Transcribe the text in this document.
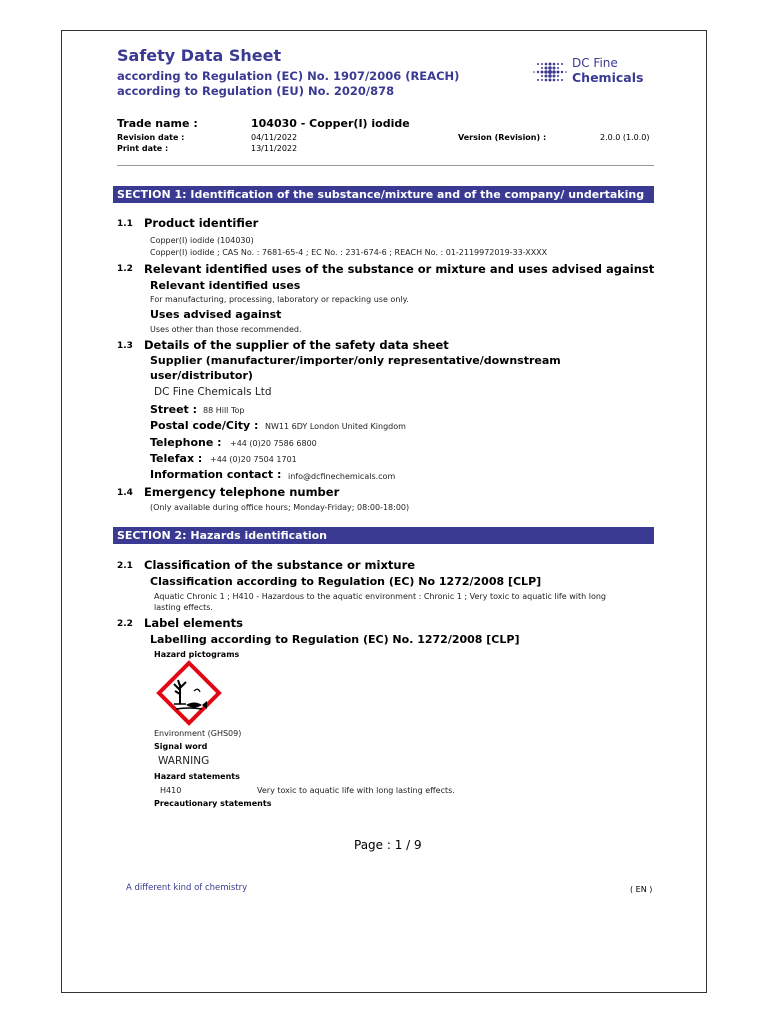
Safety Data Sheet
according to Regulation (EC) No. 1907/2006 (REACH)
according to Regulation (EU) No. 2020/878
DC Fine
Chemicals
Trade name :	104030 - Copper(I) iodide
Revision date :	04/11/2022
Print date :	13/11/2022
Version (Revision) :	2.0.0 (1.0.0)
SECTION 1: Identification of the substance/mixture and of the company/ undertaking
1.1 Product identifier
Copper(I) iodide (104030)
Copper(I) iodide ; CAS No. : 7681-65-4 ; EC No. : 231-674-6 ; REACH No. : 01-2119972019-33-XXXX
1.2 Relevant identified uses of the substance or mixture and uses advised against
Relevant identified uses
For manufacturing, processing, laboratory or repacking use only.
Uses advised against
Uses other than those recommended.
1.3 Details of the supplier of the safety data sheet
Supplier (manufacturer/importer/only representative/downstream
user/distributor)
DC Fine Chemicals Ltd
Street : 88 Hill Top
Postal code/City : NW11 6DY London United Kingdom
Telephone : +44 (0)20 7586 6800
Telefax : +44 (0)20 7504 1701
Information contact : info@dcfinechemicals.com
1.4 Emergency telephone number
(Only available during office hours; Monday-Friday; 08:00-18:00)
SECTION 2: Hazards identification
2.1 Classification of the substance or mixture
Classification according to Regulation (EC) No 1272/2008 [CLP]
Aquatic Chronic 1 ; H410 - Hazardous to the aquatic environment : Chronic 1 ; Very toxic to aquatic life with long
lasting effects.
2.2 Label elements
Labelling according to Regulation (EC) No. 1272/2008 [CLP]
Hazard pictograms
Environment (GHS09)
Signal word
WARNING
Hazard statements
H410	Very toxic to aquatic life with long lasting effects.
Precautionary statements
Page : 1 / 9
A different kind of chemistry	( EN )
